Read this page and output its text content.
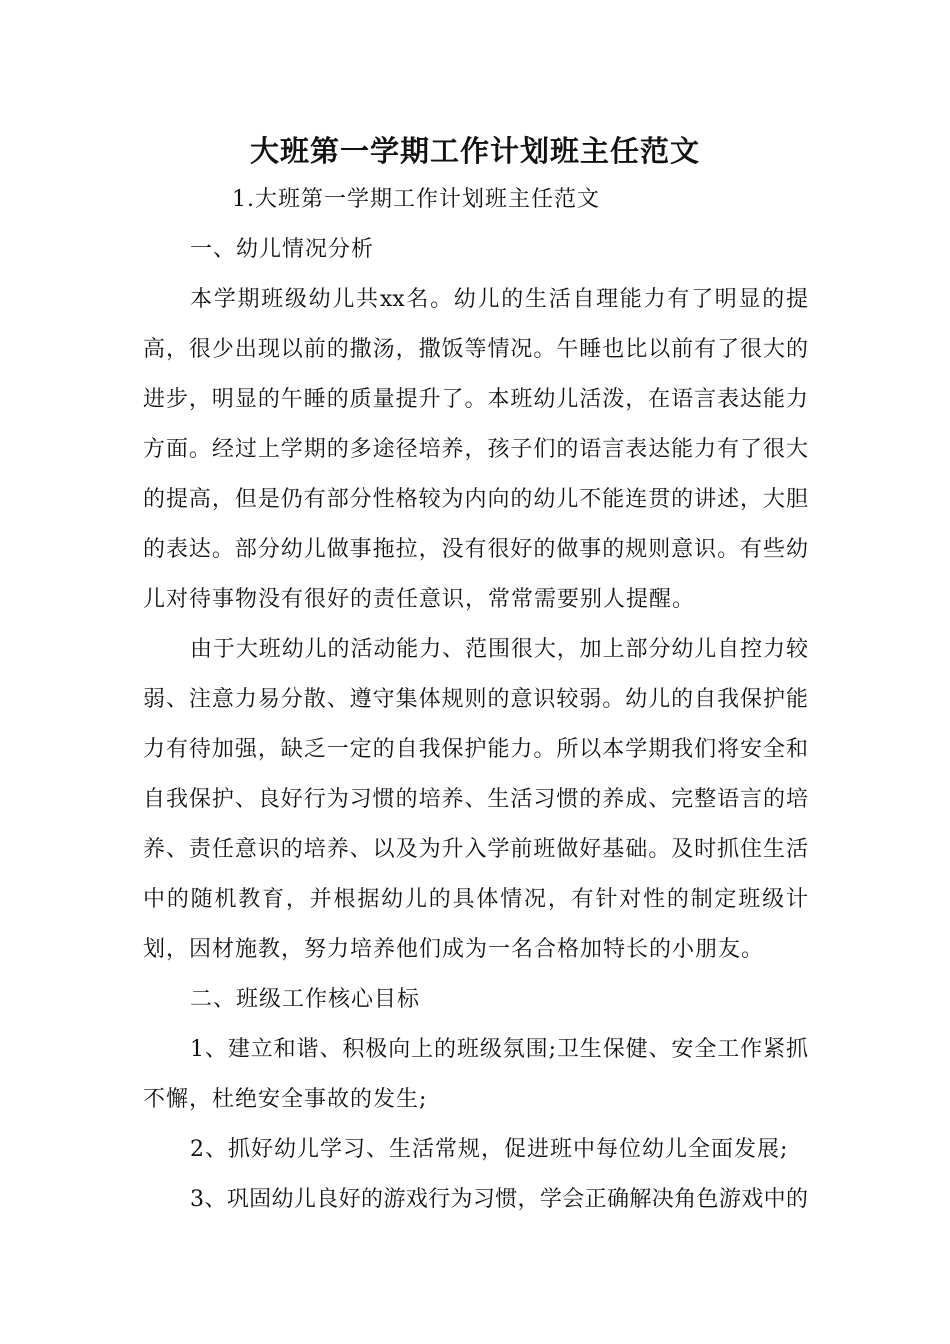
大班第一学期工作计划班主任范文
1.大班第一学期工作计划班主任范文
一、幼儿情况分析
本学期班级幼儿共xx名。幼儿的生活自理能力有了明显的提
高，很少出现以前的撒汤，撒饭等情况。午睡也比以前有了很大的
进步，明显的午睡的质量提升了。本班幼儿活泼，在语言表达能力
方面。经过上学期的多途径培养，孩子们的语言表达能力有了很大
的提高，但是仍有部分性格较为内向的幼儿不能连贯的讲述，大胆
的表达。部分幼儿做事拖拉，没有很好的做事的规则意识。有些幼
儿对待事物没有很好的责任意识，常常需要别人提醒。
由于大班幼儿的活动能力、范围很大，加上部分幼儿自控力较
弱、注意力易分散、遵守集体规则的意识较弱。幼儿的自我保护能
力有待加强，缺乏一定的自我保护能力。所以本学期我们将安全和
自我保护、良好行为习惯的培养、生活习惯的养成、完整语言的培
养、责任意识的培养、以及为升入学前班做好基础。及时抓住生活
中的随机教育，并根据幼儿的具体情况，有针对性的制定班级计
划，因材施教，努力培养他们成为一名合格加特长的小朋友。
二、班级工作核心目标
1、建立和谐、积极向上的班级氛围;卫生保健、安全工作紧抓
不懈，杜绝安全事故的发生;
2、抓好幼儿学习、生活常规，促进班中每位幼儿全面发展;
3、巩固幼儿良好的游戏行为习惯，学会正确解决角色游戏中的
